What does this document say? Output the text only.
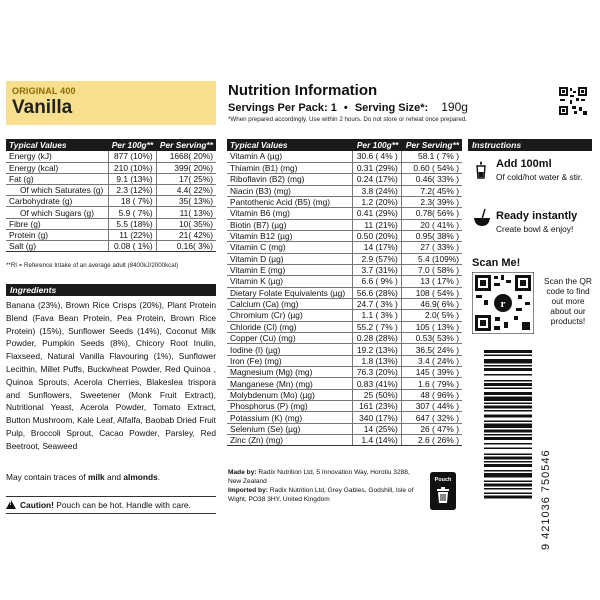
ORIGINAL 400
Vanilla
Nutrition Information
Servings Per Pack: 1 • Serving Size*: 190g
*When prepared accordingly. Use within 2 hours. Do not store or reheat once prepared.
Typical Values	Per 100g**	Per Serving**
Energy (kJ)	877 (10%)	1668( 20%)
Energy (kcal)	210 (10%)	399( 20%)
Fat (g)	9.1 (13%)	17( 25%)
Of which Saturates (g)	2.3 (12%)	4.4( 22%)
Carbohydrate (g)	18 ( 7%)	35( 13%)
Of which Sugars (g)	5.9 ( 7%)	11( 13%)
Fibre (g)	5.5 (18%)	10( 35%)
Protein (g)	11 (22%)	21( 42%)
Salt (g)	0.08 ( 1%)	0.16( 3%)
**RI = Reference Intake of an average adult (8400kJ/2000kcal)
Ingredients
Banana (23%), Brown Rice Crisps (20%), Plant Protein Blend (Fava Bean Protein, Pea Protein, Brown Rice Protein) (15%), Sunflower Seeds (14%), Coconut Milk Powder, Pumpkin Seeds (8%), Chicory Root Inulin, Flaxseed, Natural Vanilla Flavouring (1%), Sunflower Lecithin, Millet Puffs, Buckwheat Powder, Red Quinoa , Quinoa Sprouts, Acerola Cherries, Blakeslea trispora and Sunflowers, Sweetener (Monk Fruit Extract), Nutritional Yeast, Acerola Powder, Tomato Extract, Button Mushroom, Kale Leaf, Alfalfa, Baobab Dried Fruit Pulp, Broccoli Sprout, Cacao Powder, Parsley, Red Beetroot, Seaweed
May contain traces of milk and almonds.
!Caution! Pouch can be hot. Handle with care.
Typical Values	Per 100g**	Per Serving**
Vitamin A (µg)	30.6 ( 4% )	58.1 ( 7% )
Thiamin (B1) (mg)	0.31 (29%)	0.60 ( 54% )
Riboflavin (B2) (mg)	0.24 (17%)	0.46( 33% )
Niacin (B3) (mg)	3.8 (24%)	7.2( 45% )
Pantothenic Acid (B5) (mg)	1.2 (20%)	2.3( 39% )
Vitamin B6 (mg)	0.41 (29%)	0.78( 56% )
Biotin (B7) (µg)	11 (21%)	20 ( 41% )
Vitamin B12 (µg)	0.50 (20%)	0.95( 38% )
Vitamin C (mg)	14 (17%)	27 ( 33% )
Vitamin D (µg)	2.9 (57%)	5.4 (109%)
Vitamin E (mg)	3.7 (31%)	7.0 ( 58% )
Vitamin K (µg)	6.6 ( 9% )	13 ( 17% )
Dietary Folate Equivalents (µg)	56.6 (28%)	108 ( 54% )
Calcium (Ca) (mg)	24.7 ( 3% )	46.9( 6% )
Chromium (Cr) (µg)	1.1 ( 3% )	2.0( 5% )
Chloride (Cl) (mg)	55.2 ( 7% )	105 ( 13% )
Copper (Cu) (mg)	0.28 (28%)	0.53( 53% )
Iodine (I) (µg)	19.2 (13%)	36.5( 24% )
Iron (Fe) (mg)	1.8 (13%)	3.4 ( 24% )
Magnesium (Mg) (mg)	76.3 (20%)	145 ( 39% )
Manganese (Mn) (mg)	0.83 (41%)	1.6 ( 79% )
Molybdenum (Mo) (µg)	25 (50%)	48 ( 96% )
Phosphorus (P) (mg)	161 (23%)	307 ( 44% )
Potassium (K) (mg)	340 (17%)	647 ( 32% )
Selenium (Se) (µg)	14 (25%)	26 ( 47% )
Zinc (Zn) (mg)	1.4 (14%)	2.6 ( 26% )
Made by: Radix Nutrition Ltd, 5 Innovation Way, Horotiu 3288, New Zealand
Imported by: Radix Nutrition Ltd, Grey Gables, Godshill, Isle of Wight, PO38 3HY, United Kingdom
Pouch
Instructions
Add 100ml
Of cold/hot water & stir.
Ready instantly
Create bowl & enjoy!
Scan Me!
r
Scan the QR code to find out more about our products!
9 421036 750546
